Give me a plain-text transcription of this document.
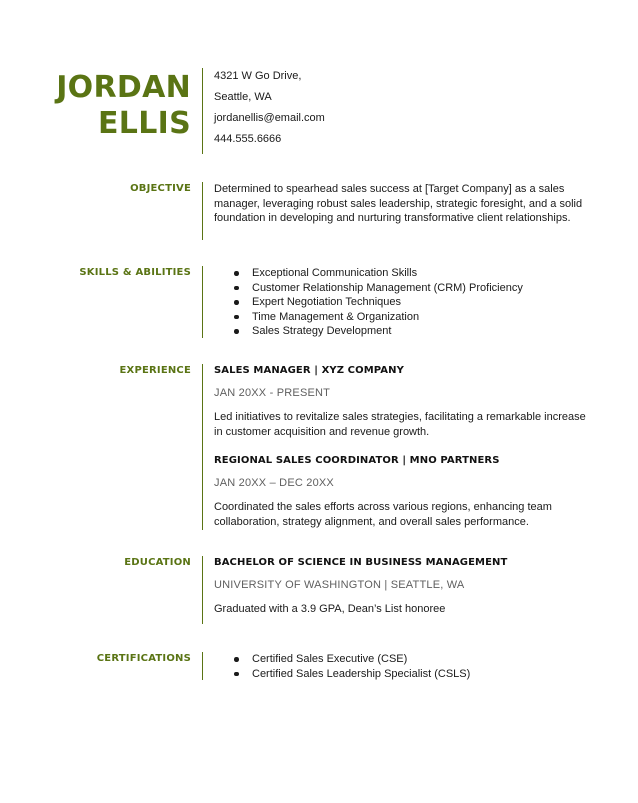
JORDAN
ELLIS
4321 W Go Drive,
Seattle, WA
jordanellis@email.com
444.555.6666
OBJECTIVE Determined to spearhead sales success at [Target Company] as a sales manager, leveraging robust sales leadership, strategic foresight, and a solid foundation in developing and nurturing transformative client relationships.
SKILLS & ABILITIES	Exceptional Communication Skills
Customer Relationship Management (CRM) Proficiency
Expert Negotiation Techniques
Time Management & Organization
Sales Strategy Development
EXPERIENCE SALES MANAGER | XYZ COMPANY
JAN 20XX - PRESENT
Led initiatives to revitalize sales strategies, facilitating a remarkable increase in customer acquisition and revenue growth.
REGIONAL SALES COORDINATOR | MNO PARTNERS
JAN 20XX – DEC 20XX
Coordinated the sales efforts across various regions, enhancing team collaboration, strategy alignment, and overall sales performance.
EDUCATION BACHELOR OF SCIENCE IN BUSINESS MANAGEMENT
UNIVERSITY OF WASHINGTON | SEATTLE, WA
Graduated with a 3.9 GPA, Dean’s List honoree
CERTIFICATIONS	Certified Sales Executive (CSE)
Certified Sales Leadership Specialist (CSLS)
